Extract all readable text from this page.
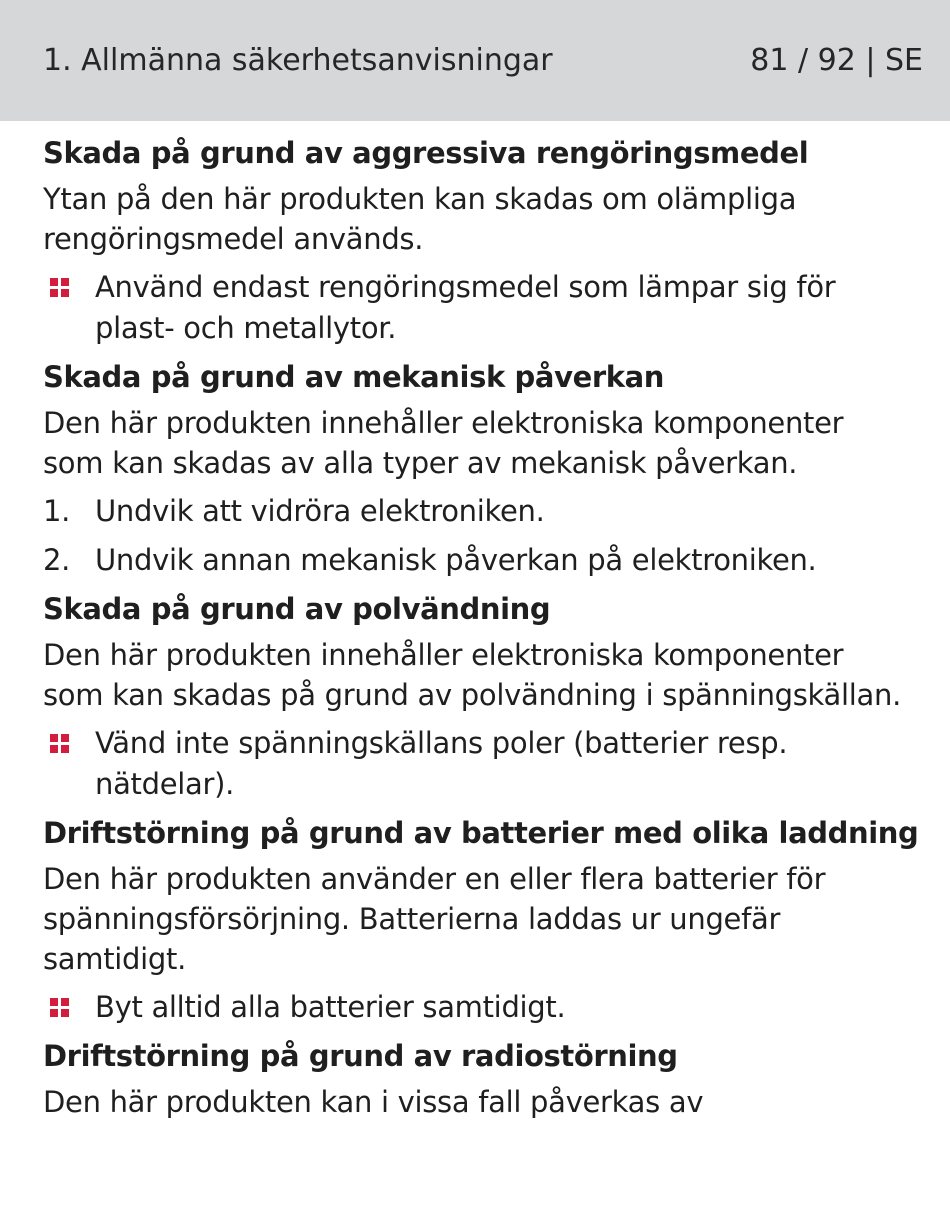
1. Allmänna säkerhetsanvisningar	81 / 92 | SE
Skada på grund av aggressiva rengöringsmedel
Ytan på den här produkten kan skadas om olämpliga rengöringsmedel används.
Använd endast rengöringsmedel som lämpar sig för plast- och metallytor.
Skada på grund av mekanisk påverkan
Den här produkten innehåller elektroniska komponenter som kan skadas av alla typer av mekanisk påverkan.
1. Undvik att vidröra elektroniken.
2. Undvik annan mekanisk påverkan på elektroniken.
Skada på grund av polvändning
Den här produkten innehåller elektroniska komponenter som kan skadas på grund av polvändning i spänningskällan.
Vänd inte spänningskällans poler (batterier resp. nätdelar).
Driftstörning på grund av batterier med olika laddning
Den här produkten använder en eller flera batterier för spänningsförsörjning. Batterierna laddas ur ungefär samtidigt.
Byt alltid alla batterier samtidigt.
Driftstörning på grund av radiostörning
Den här produkten kan i vissa fall påverkas av
